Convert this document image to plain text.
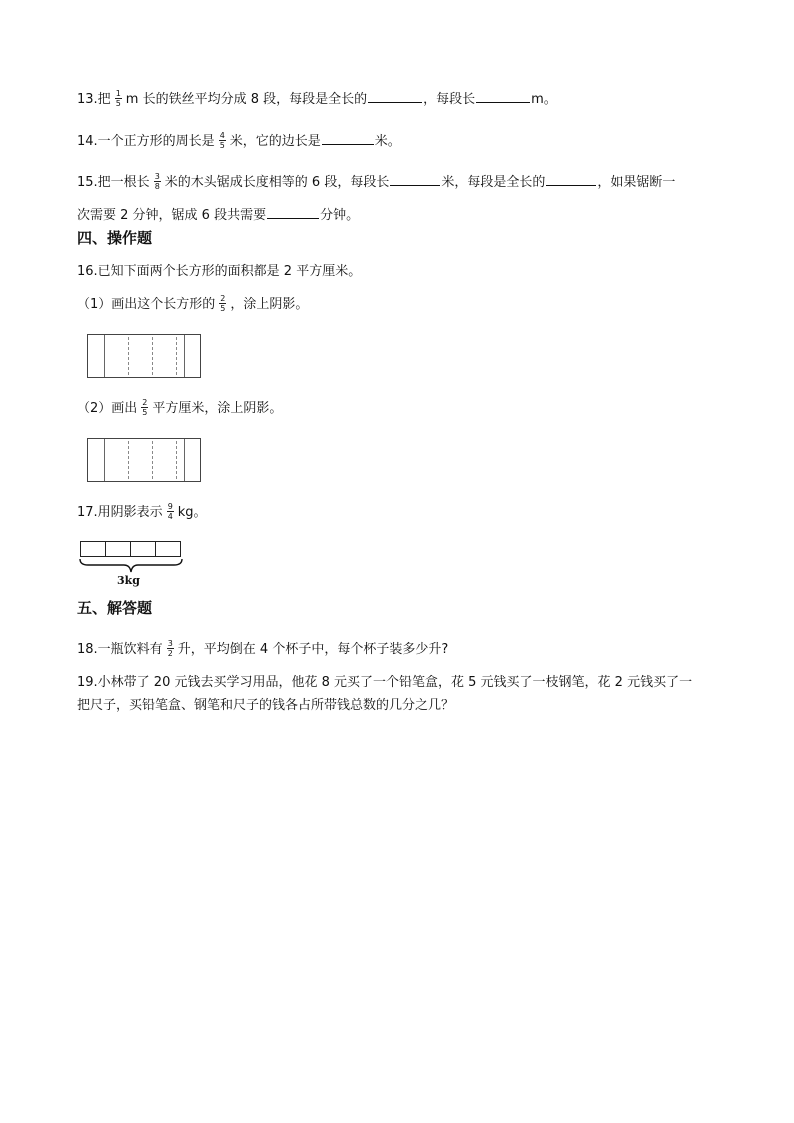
13.把 $\frac{1}{5}$ m 长的铁丝平均分成 8 段，每段是全长的	，每段长	m。
14.一个正方形的周长是 $\frac{4}{5}$ 米，它的边长是	米。
15.把一根长 $\frac{3}{8}$ 米的木头锯成长度相等的 6 段，每段长	米，每段是全长的	，如果锯断一
次需要 2 分钟，锯成 6 段共需要	分钟。
四、操作题
16.已知下面两个长方形的面积都是 2 平方厘米。
（1）画出这个长方形的 $\frac{2}{5}$ ，涂上阴影。
（2）画出 $\frac{2}{5}$ 平方厘米，涂上阴影。
17.用阴影表示 $\frac{9}{4}$ kg。
3kg
五、解答题
18.一瓶饮料有 $\frac{3}{2}$ 升，平均倒在 4 个杯子中，每个杯子装多少升?
19.小林带了 20 元钱去买学习用品，他花 8 元买了一个铅笔盒，花 5 元钱买了一枝钢笔，花 2 元钱买了一
把尺子，买铅笔盒、钢笔和尺子的钱各占所带钱总数的几分之几？
